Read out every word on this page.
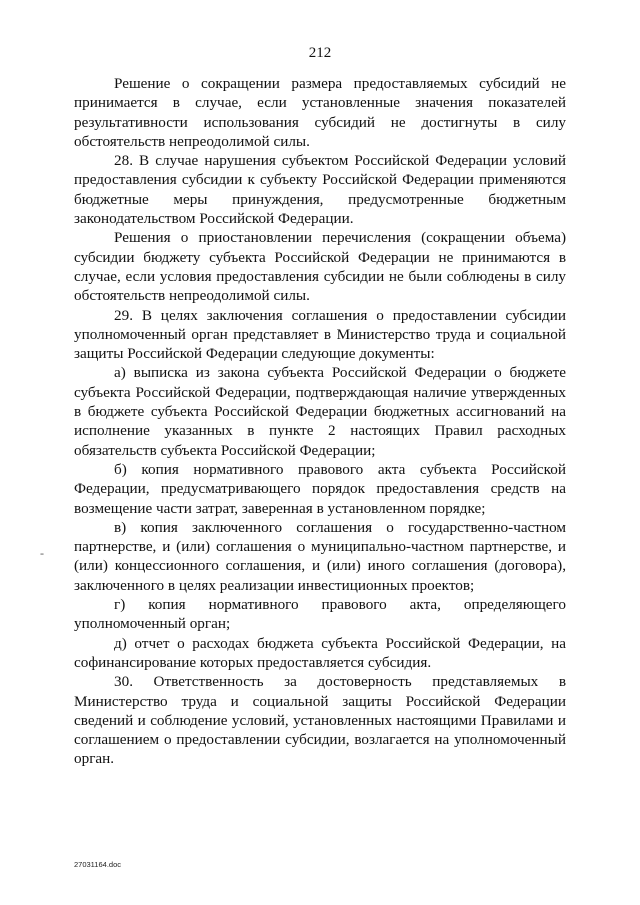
212

Решение о сокращении размера предоставляемых субсидий не принимается в случае, если установленные значения показателей результативности использования субсидий не достигнуты в силу обстоятельств непреодолимой силы.

28. В случае нарушения субъектом Российской Федерации условий предоставления субсидии к субъекту Российской Федерации применяются бюджетные меры принуждения, предусмотренные бюджетным законодательством Российской Федерации.

Решения о приостановлении перечисления (сокращении объема) субсидии бюджету субъекта Российской Федерации не принимаются в случае, если условия предоставления субсидии не были соблюдены в силу обстоятельств непреодолимой силы.

29. В целях заключения соглашения о предоставлении субсидии уполномоченный орган представляет в Министерство труда и социальной защиты Российской Федерации следующие документы:

а) выписка из закона субъекта Российской Федерации о бюджете субъекта Российской Федерации, подтверждающая наличие утвержденных в бюджете субъекта Российской Федерации бюджетных ассигнований на исполнение указанных в пункте 2 настоящих Правил расходных обязательств субъекта Российской Федерации;

б) копия нормативного правового акта субъекта Российской Федерации, предусматривающего порядок предоставления средств на возмещение части затрат, заверенная в установленном порядке;

в) копия заключенного соглашения о государственно-частном партнерстве, и (или) соглашения о муниципально-частном партнерстве, и (или) концессионного соглашения, и (или) иного соглашения (договора), заключенного в целях реализации инвестиционных проектов;

г) копия нормативного правового акта, определяющего уполномоченный орган;

д) отчет о расходах бюджета субъекта Российской Федерации, на софинансирование которых предоставляется субсидия.

30. Ответственность за достоверность представляемых в Министерство труда и социальной защиты Российской Федерации сведений и соблюдение условий, установленных настоящими Правилами и соглашением о предоставлении субсидии, возлагается на уполномоченный орган.

-
27031164.doc
